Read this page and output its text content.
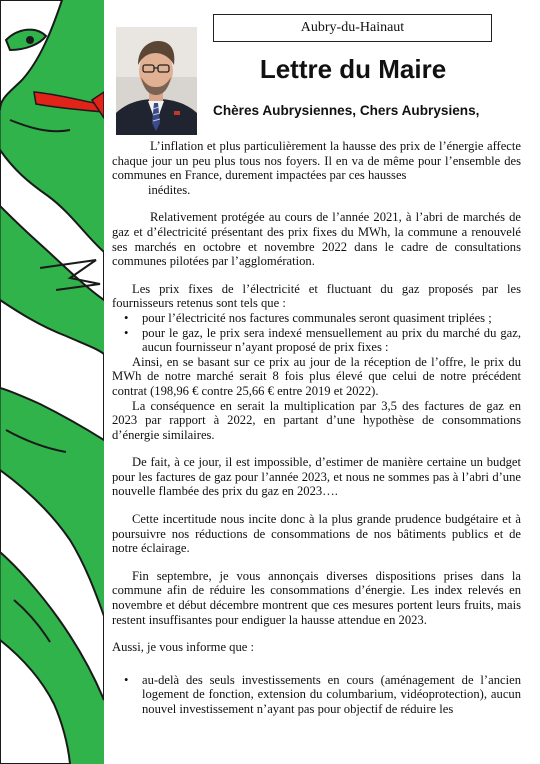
Aubry-du-Hainaut
Lettre du Maire
Chères Aubrysiennes, Chers Aubrysiens,

L’inflation et plus particulièrement la hausse des prix de l’énergie affecte chaque jour un peu plus tous nos foyers. Il en va de même pour l’ensemble des communes en France, durement impactées par ces hausses

inédites.

Relativement protégée au cours de l’année 2021, à l’abri de marchés de gaz et d’électricité présentant des prix fixes du MWh, la commune a renouvelé ses marchés en octobre et novembre 2022 dans le cadre de consultations communes pilotées par l’agglomération.

Les prix fixes de l’électricité et fluctuant du gaz proposés par les fournisseurs retenus sont tels que :

• pour l’électricité nos factures communales seront quasiment triplées ;
• pour le gaz, le prix sera indexé mensuellement au prix du marché du gaz, aucun fournisseur n’ayant proposé de prix fixes :

Ainsi, en se basant sur ce prix au jour de la réception de l’offre, le prix du MWh de notre marché serait 8 fois plus élevé que celui de notre précédent contrat (198,96 € contre 25,66 € entre 2019 et 2022).

La conséquence en serait la multiplication par 3,5 des factures de gaz en 2023 par rapport à 2022, en partant d’une hypothèse de consommations d’énergie similaires.

De fait, à ce jour, il est impossible, d’estimer de manière certaine un budget pour les factures de gaz pour l’année 2023, et nous ne sommes pas à l’abri d’une nouvelle flambée des prix du gaz en 2023….

Cette incertitude nous incite donc à la plus grande prudence budgétaire et à poursuivre nos réductions de consommations de nos bâtiments publics et de notre éclairage.

Fin septembre, je vous annonçais diverses dispositions prises dans la commune afin de réduire les consommations d’énergie. Les index relevés en novembre et début décembre montrent que ces mesures portent leurs fruits, mais restent insuffisantes pour endiguer la hausse attendue en 2023.

Aussi, je vous informe que :

• au-delà des seuls investissements en cours (aménagement de l’ancien logement de fonction, extension du columbarium, vidéoprotection), aucun nouvel investissement n’ayant pas pour objectif de réduire les
